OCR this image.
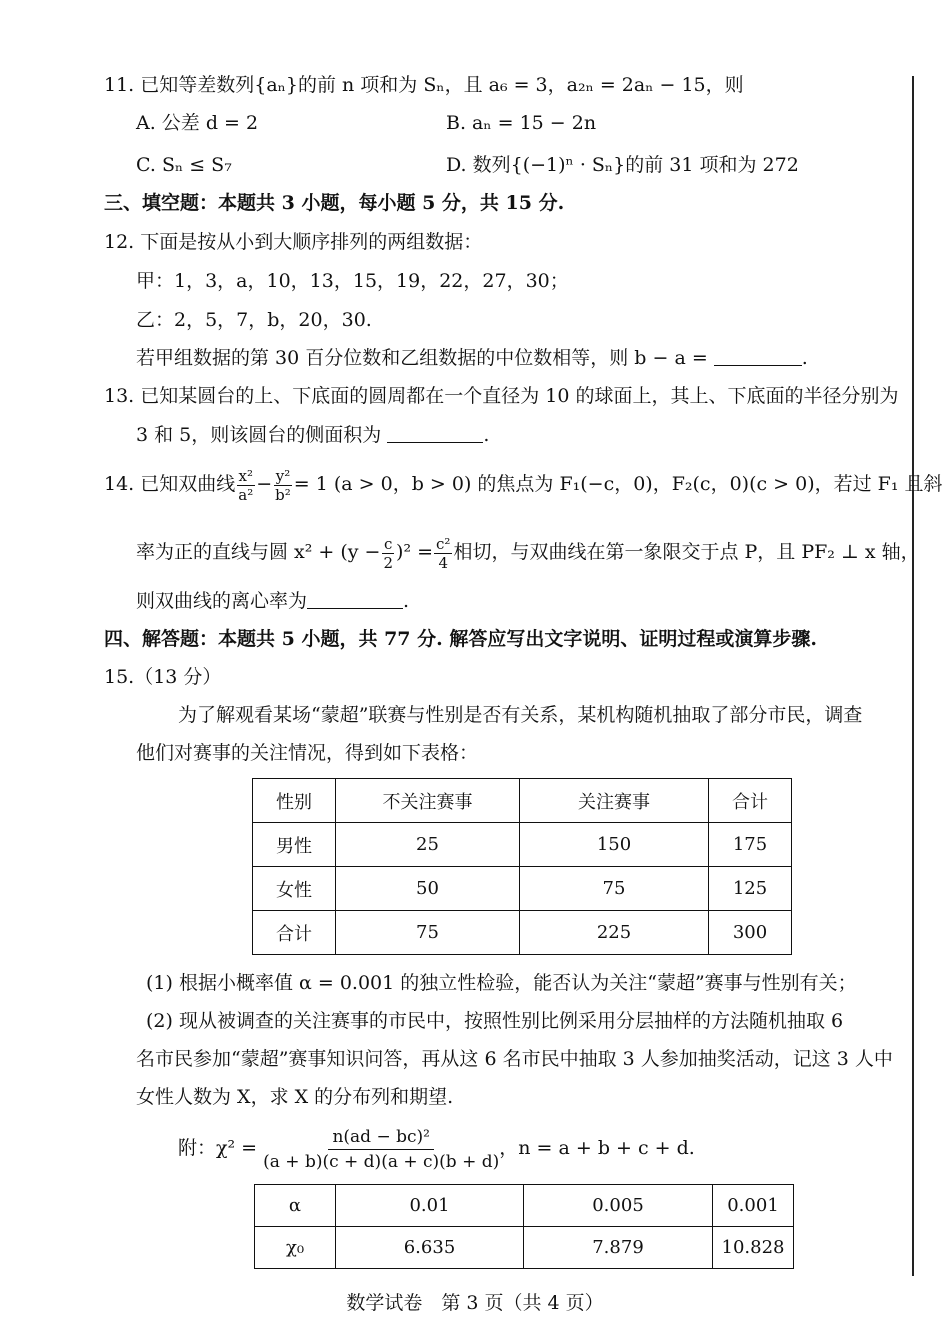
11. 已知等差数列{aₙ}的前 n 项和为 Sₙ，且 a₆ = 3，a₂ₙ = 2aₙ − 15，则
A. 公差 d = 2	B. aₙ = 15 − 2n
C. Sₙ ≤ S₇	D. 数列{(−1)ⁿ · Sₙ}的前 31 项和为 272
三、填空题：本题共 3 小题，每小题 5 分，共 15 分.
12. 下面是按从小到大顺序排列的两组数据：
甲：1，3，a，10，13，15，19，22，27，30；
乙：2，5，7，b，20，30.
若甲组数据的第 30 百分位数和乙组数据的中位数相等，则 b − a =	.
13. 已知某圆台的上、下底面的圆周都在一个直径为 10 的球面上，其上、下底面的半径分别为
3 和 5，则该圆台的侧面积为	.
14. 已知双曲线 $\frac{\text{x²}}{\text{a²}} - \frac{\text{y²}}{\text{b²}} = 1$ (a > 0，b > 0) 的焦点为 F₁(−c，0)，F₂(c，0)(c > 0)，若过 F₁ 且斜
率为正的直线与圆 $x^2 + (y - \frac{c}{2} )^2 = \frac{\text{c²}}{4}$ 相切，与双曲线在第一象限交于点 P，且 PF₂ ⊥ x 轴，
则双曲线的离心率为	.
四、解答题：本题共 5 小题，共 77 分. 解答应写出文字说明、证明过程或演算步骤.
15.（13 分）
为了解观看某场“蒙超”联赛与性别是否有关系，某机构随机抽取了部分市民，调查
他们对赛事的关注情况，得到如下表格：
性别	不关注赛事	关注赛事	合计
男性	25	150	175
女性	50	75	125
合计	75	225	300
(1) 根据小概率值 α = 0.001 的独立性检验，能否认为关注“蒙超”赛事与性别有关；
(2) 现从被调查的关注赛事的市民中，按照性别比例采用分层抽样的方法随机抽取 6
名市民参加“蒙超”赛事知识问答，再从这 6 名市民中抽取 3 人参加抽奖活动，记这 3 人中
女性人数为 X，求 X 的分布列和期望.
附：$\chi^2 = \frac{\text{n(ad − bc)²}}{(a + b)(c + d)(a + c)(b + d)}$ ，n = a + b + c + d.
α	0.01	0.005	0.001
χ₀	6.635	7.879	10.828
数学试卷　第 3 页（共 4 页）
